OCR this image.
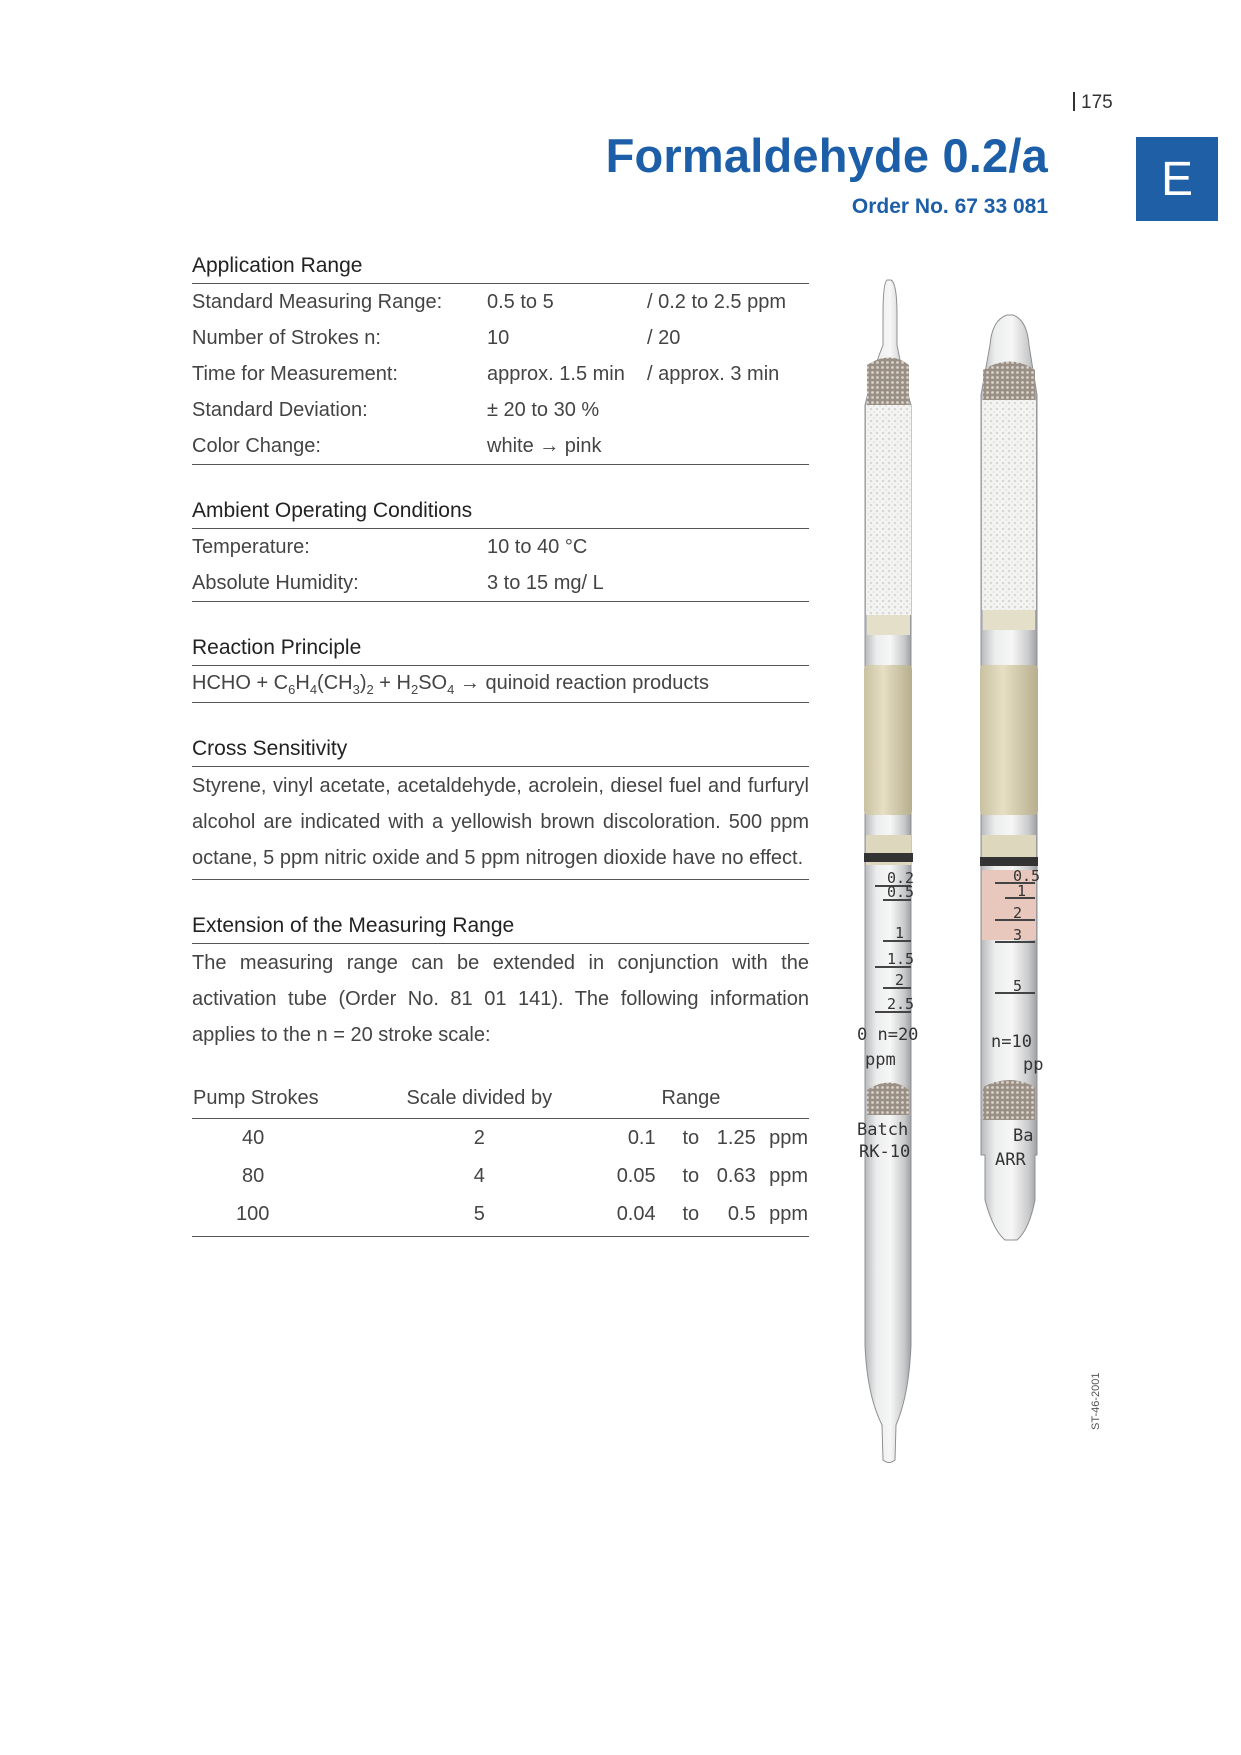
175
Formaldehyde 0.2/a
Order No. 67 33 081
E
Application Range
Standard Measuring Range:	0.5 to 5	/ 0.2 to 2.5 ppm
Number of Strokes n:	10	/ 20
Time for Measurement:	approx. 1.5 min	/ approx. 3 min
Standard Deviation:	± 20 to 30 %
Color Change:	white → pink
Ambient Operating Conditions
Temperature:	10 to 40 °C
Absolute Humidity:	3 to 15 mg/ L
Reaction Principle
HCHO + $C_6H_4(CH_3)_2 + H_2SO_4$ → quinoid reaction products
Cross Sensitivity
Styrene, vinyl acetate, acetaldehyde, acrolein, diesel fuel and furfuryl alcohol are indicated with a yellowish brown discoloration. 500 ppm octane, 5 ppm nitric oxide and 5 ppm nitrogen dioxide have no effect.
Extension of the Measuring Range
The measuring range can be extended in conjunction with the activation tube (Order No. 81 01 141). The following information applies to the n = 20 stroke scale:
Pump Strokes	Scale divided by	Range			
40	2	0.1	to	1.25	ppm
80	4	0.05	to	0.63	ppm
100	5	0.04	to	0.5	ppm
0.2
0.5
1
1.5
2
2.5
0 n=20
ppm
Batch
RK-10
0.5
1
2
3
5
n=10
pp
Ba
ARR
ST-46-2001
